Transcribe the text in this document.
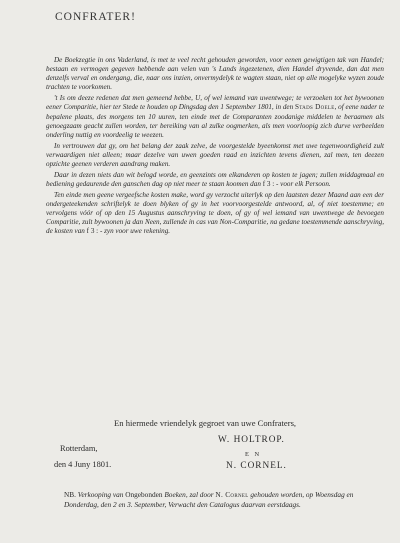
CONFRATER!

De Boekzegtie in ons Vaderland, is met te veel recht gehouden geworden, voor eenen gewigtigen tak van Handel; bestaan en vermogen gegeven hebbende aan velen van 's Lands ingezetenen, dien Handel dryvende, dan dat men denzelfs verval en ondergang, die, naar ons inzien, onvermydelyk te wagten staan, niet op alle mogelyke wyzen zoude trachten te voorkomen.

't Is om deeze redenen dat men gemeend hebbe, U, of wel iemand van uwentwege; te verzoeken tot het bywoonen eener Comparitie, hier ter Stede te houden op Dingsdag den 1 September 1801, in den Stads Doele, of eene nader te bepalene plaats, des morgens ten 10 uuren, ten einde met de Comparanten zoodanige middelen te beraamen als genoegzaam geacht zullen worden, ter bereiking van al zulke oogmerken, als men voorloopig zich durve verbeelden onderling nuttig en voordeelig te weezen.

In vertrouwen dat gy, om het belang der zaak zelve, de voorgestelde byeenkomst met uwe tegenwoordigheid zult verwaardigen niet alleen; maar dezelve van uwen goeden raad en inzichten tevens dienen, zal men, ten deezen opzichte geenen verderen aandrang maken.

Daar in dezen niets dan wit belogd worde, en geenzints om elkanderen op kosten te jagen; zullen middagmaal en bediening gedaurende den ganschen dag op niet meer te staan koomen dan f 3 : - voor elk Persoon.

Ten einde men geene vergeefsche kosten make, word gy verzocht uiterlyk op den laatsten dezer Maand aan een der ondergeteekenden schriftelyk te doen blyken of gy in het voorvoorgestelde antwoord, al, of niet toestemme; en vervolgens vóór of op den 15 Augustus aanschryving te doen, of gy of wel iemand van uwentwege de bevoegen Comparitie, zult bywoonen ja dan Neen, zullende in cas van Non-Comparitie, na gedane toestemmende aanschryving, de kosten van f 3 : - zyn voor uwe rekening.

En hiermede vriendelyk gegroet van uwe Confraters,
Rotterdam,
den 4 Juny 1801.
W. HOLTROP.
E N
N. CORNEL.
NB. Verkooping van Ongebonden Boeken, zal door N. Cornel gehouden worden, op Woensdag en Donderdag, den 2 en 3. September, Verwacht den Catalogus daarvan eerstdaags.
